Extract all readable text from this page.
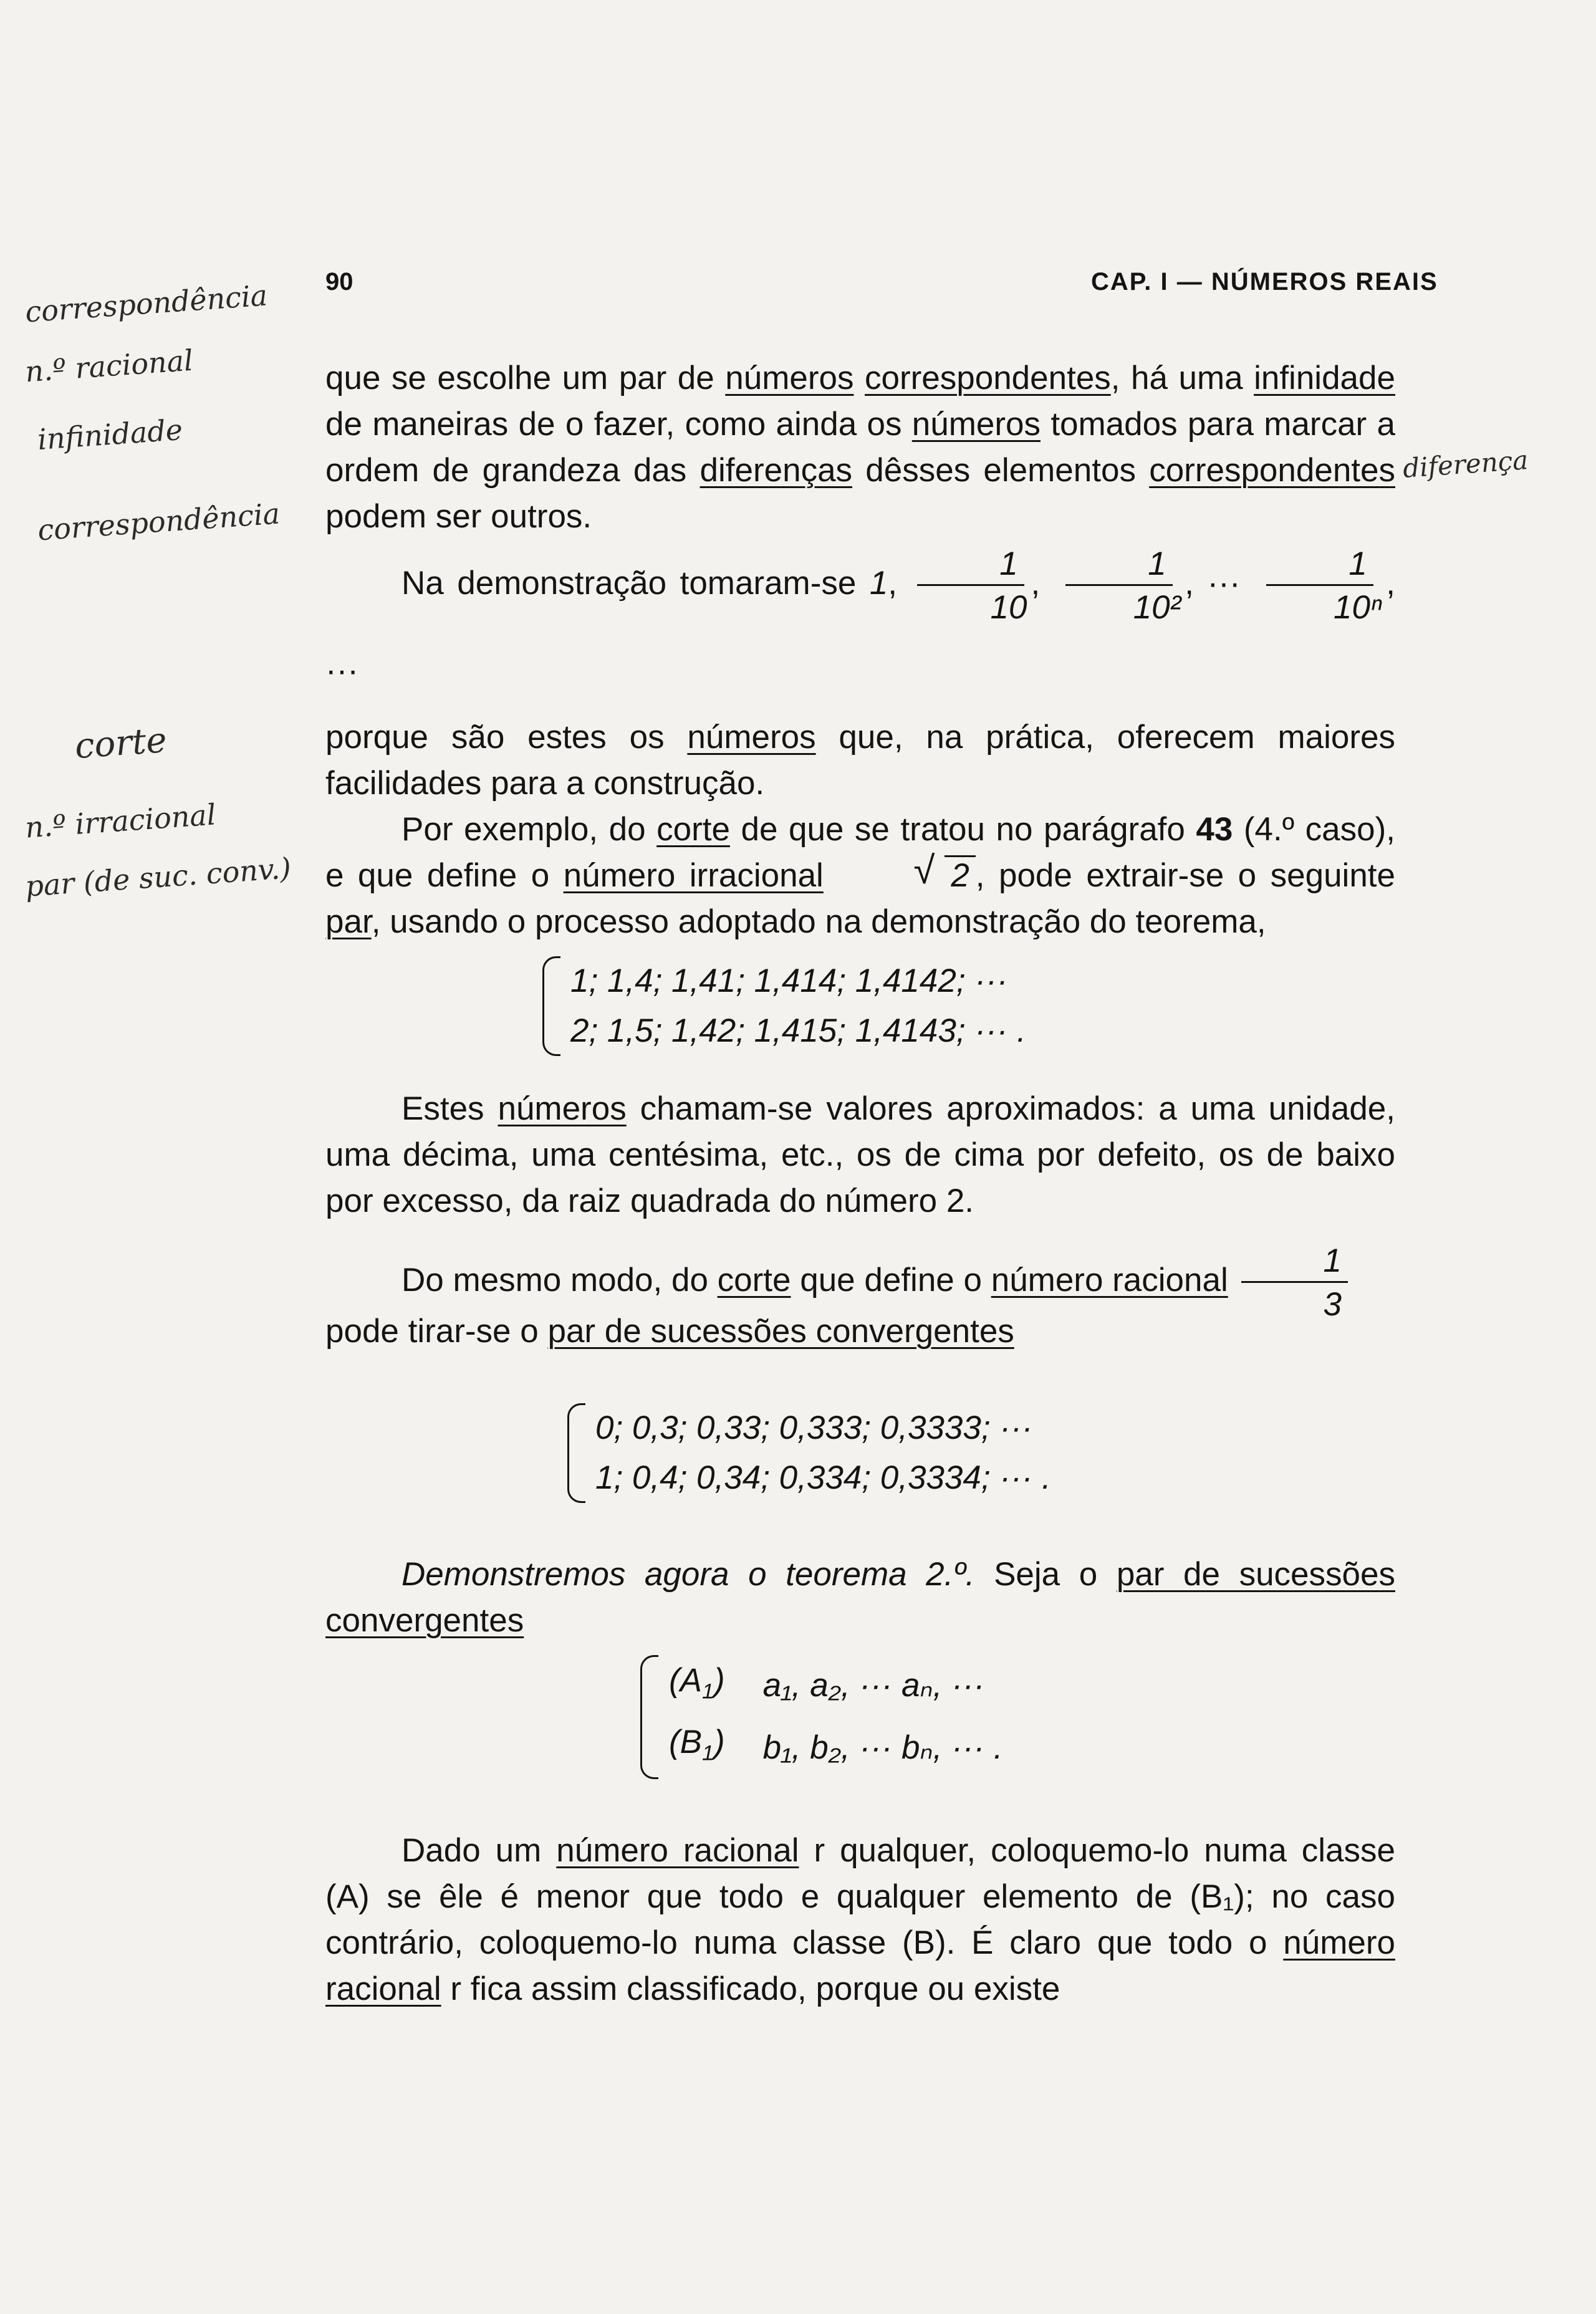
90	CAP. I — NÚMEROS REAIS
correspondência
n.º racional
infinidade
correspondência
corte
n.º irracional
par (de suc. conv.)
diferença

que se escolhe um par de números correspondentes, há uma infinidade de maneiras de o fazer, como ainda os números tomados para marcar a ordem de grandeza das diferenças dêsses elementos correspondentes podem ser outros.

Na demonstração tomaram-se 1, $\frac{1}{10}$ , $\frac{1}{\text{10²}}$ , ··· $\frac{1}{\text{10ⁿ}}$ , ···

porque são estes os números que, na prática, oferecem maiores facilidades para a construção.

Por exemplo, do corte de que se tratou no parágrafo 43 (4.º caso), e que define o número irracional	√ 2 , pode extrair-se o seguinte par, usando o processo adoptado na demonstração do teorema,

1; 1,4; 1,41; 1,414; 1,4142; ···
2; 1,5; 1,42; 1,415; 1,4143; ··· .

Estes números chamam-se valores aproximados: a uma unidade, uma décima, uma centésima, etc., os de cima por defeito, os de baixo por excesso, da raiz quadrada do número 2.

Do mesmo modo, do corte que define o número racional $\frac{1}{3}$

pode tirar-se o par de sucessões convergentes

0; 0,3; 0,33; 0,333; 0,3333; ···
1; 0,4; 0,34; 0,334; 0,3334; ··· .

Demonstremos agora o teorema 2.º. Seja o par de sucessões convergentes

$(A_1)$	a₁, a₂, ··· aₙ, ···
$(B_1)$	b₁, b₂, ··· bₙ, ··· .

Dado um número racional r qualquer, coloquemo-lo numa classe (A) se êle é menor que todo e qualquer elemento de (B₁); no caso contrário, coloquemo-lo numa classe (B). É claro que todo o número racional r fica assim classificado, porque ou existe
